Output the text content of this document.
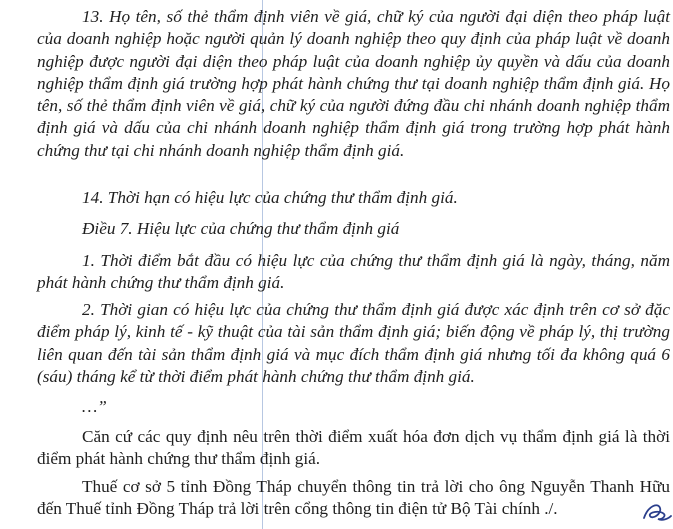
13. Họ tên, số thẻ thẩm định viên về giá, chữ ký của người đại diện theo pháp luật của doanh nghiệp hoặc người quản lý doanh nghiệp theo quy định của pháp luật về doanh nghiệp được người đại diện theo pháp luật của doanh nghiệp ủy quyền và dấu của doanh nghiệp thẩm định giá trường hợp phát hành chứng thư tại doanh nghiệp thẩm định giá. Họ tên, số thẻ thẩm định viên về giá, chữ ký của người đứng đầu chi nhánh doanh nghiệp thẩm định giá và dấu của chi nhánh doanh nghiệp thẩm định giá trong trường hợp phát hành chứng thư tại chi nhánh doanh nghiệp thẩm định giá.

14. Thời hạn có hiệu lực của chứng thư thẩm định giá.

Điều 7. Hiệu lực của chứng thư thẩm định giá

1. Thời điểm bắt đầu có hiệu lực của chứng thư thẩm định giá là ngày, tháng, năm phát hành chứng thư thẩm định giá.

2. Thời gian có hiệu lực của chứng thư thẩm định giá được xác định trên cơ sở đặc điểm pháp lý, kinh tế - kỹ thuật của tài sản thẩm định giá; biến động về pháp lý, thị trường liên quan đến tài sản thẩm định giá và mục đích thẩm định giá nhưng tối đa không quá 6 (sáu) tháng kể từ thời điểm phát hành chứng thư thẩm định giá.

…”

Căn cứ các quy định nêu trên thời điểm xuất hóa đơn dịch vụ thẩm định giá là thời điểm phát hành chứng thư thẩm định giá.

Thuế cơ sở 5 tỉnh Đồng Tháp chuyển thông tin trả lời cho ông Nguyễn Thanh Hữu đến Thuế tỉnh Đồng Tháp trả lời trên cổng thông tin điện tử Bộ Tài chính ./.
